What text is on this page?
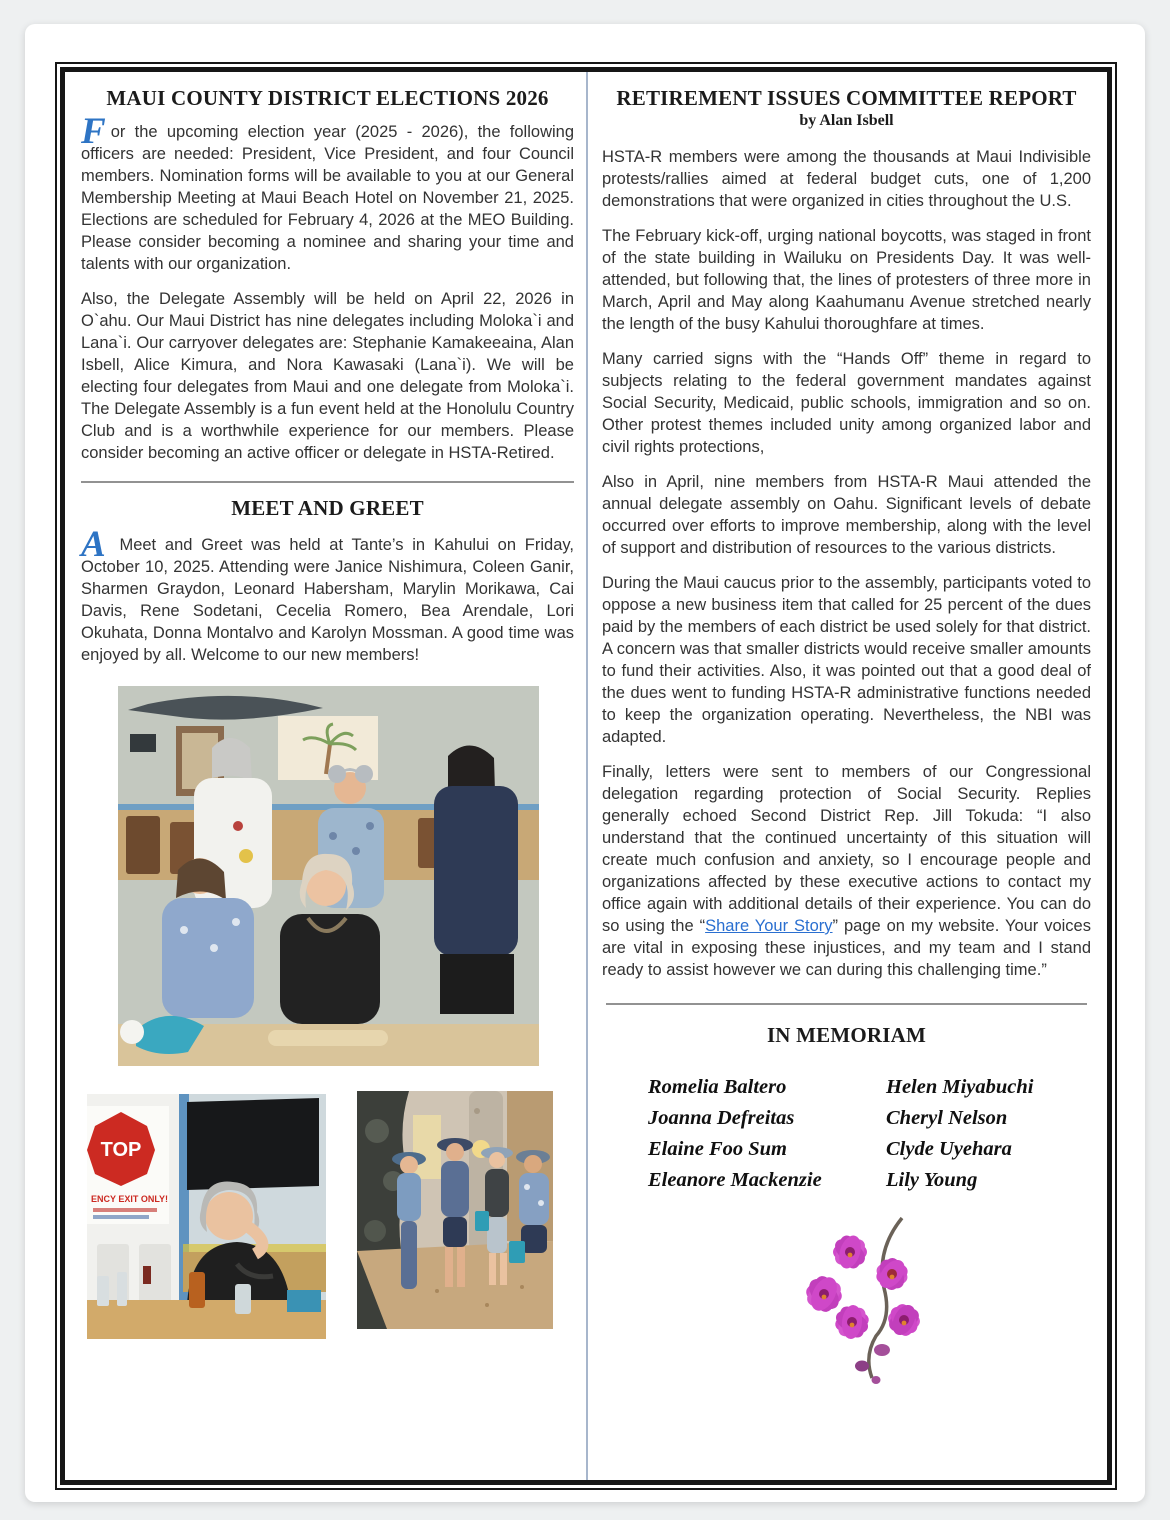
MAUI COUNTY DISTRICT ELECTIONS 2026

For the upcoming election year (2025 - 2026), the following officers are needed: President, Vice President, and four Council members. Nomination forms will be available to you at our General Membership Meeting at Maui Beach Hotel on November 21, 2025. Elections are scheduled for February 4, 2026 at the MEO Building. Please consider becoming a nominee and sharing your time and talents with our organization.

Also, the Delegate Assembly will be held on April 22, 2026 in O`ahu. Our Maui District has nine delegates including Moloka`i and Lana`i. Our carryover delegates are: Stephanie Kamakeeaina, Alan Isbell, Alice Kimura, and Nora Kawasaki (Lana`i). We will be electing four delegates from Maui and one delegate from Moloka`i. The Delegate Assembly is a fun event held at the Honolulu Country Club and is a worthwhile experience for our members. Please consider becoming an active officer or delegate in HSTA-Retired.

MEET AND GREET

A Meet and Greet was held at Tante’s in Kahului on Friday, October 10, 2025. Attending were Janice Nishimura, Coleen Ganir, Sharmen Graydon, Leonard Habersham, Marylin Morikawa, Cai Davis, Rene Sodetani, Cecelia Romero, Bea Arendale, Lori Okuhata, Donna Montalvo and Karolyn Mossman. A good time was enjoyed by all. Welcome to our new members!

TOP
ENCY EXIT ONLY!
RETIREMENT ISSUES COMMITTEE REPORT
by Alan Isbell

HSTA-R members were among the thousands at Maui Indivisible protests/rallies aimed at federal budget cuts, one of 1,200 demonstrations that were organized in cities throughout the U.S.

The February kick-off, urging national boycotts, was staged in front of the state building in Wailuku on Presidents Day. It was well-attended, but following that, the lines of protesters of three more in March, April and May along Kaahumanu Avenue stretched nearly the length of the busy Kahului thoroughfare at times.

Many carried signs with the “Hands Off” theme in regard to subjects relating to the federal government mandates against Social Security, Medicaid, public schools, immigration and so on. Other protest themes included unity among organized labor and civil rights protections,

Also in April, nine members from HSTA-R Maui attended the annual delegate assembly on Oahu. Significant levels of debate occurred over efforts to improve membership, along with the level of support and distribution of resources to the various districts.

During the Maui caucus prior to the assembly, participants voted to oppose a new business item that called for 25 percent of the dues paid by the members of each district be used solely for that district. A concern was that smaller districts would receive smaller amounts to fund their activities. Also, it was pointed out that a good deal of the dues went to funding HSTA-R administrative functions needed to keep the organization operating. Nevertheless, the NBI was adapted.

Finally, letters were sent to members of our Congressional delegation regarding protection of Social Security. Replies generally echoed Second District Rep. Jill Tokuda: “I also understand that the continued uncertainty of this situation will create much confusion and anxiety, so I encourage people and organizations affected by these executive actions to contact my office again with additional details of their experience. You can do so using the “Share Your Story” page on my website. Your voices are vital in exposing these injustices, and my team and I stand ready to assist however we can during this challenging time.”

IN MEMORIAM
Romelia Baltero
Joanna Defreitas
Elaine Foo Sum
Eleanore Mackenzie
Helen Miyabuchi
Cheryl Nelson
Clyde Uyehara
Lily Young
